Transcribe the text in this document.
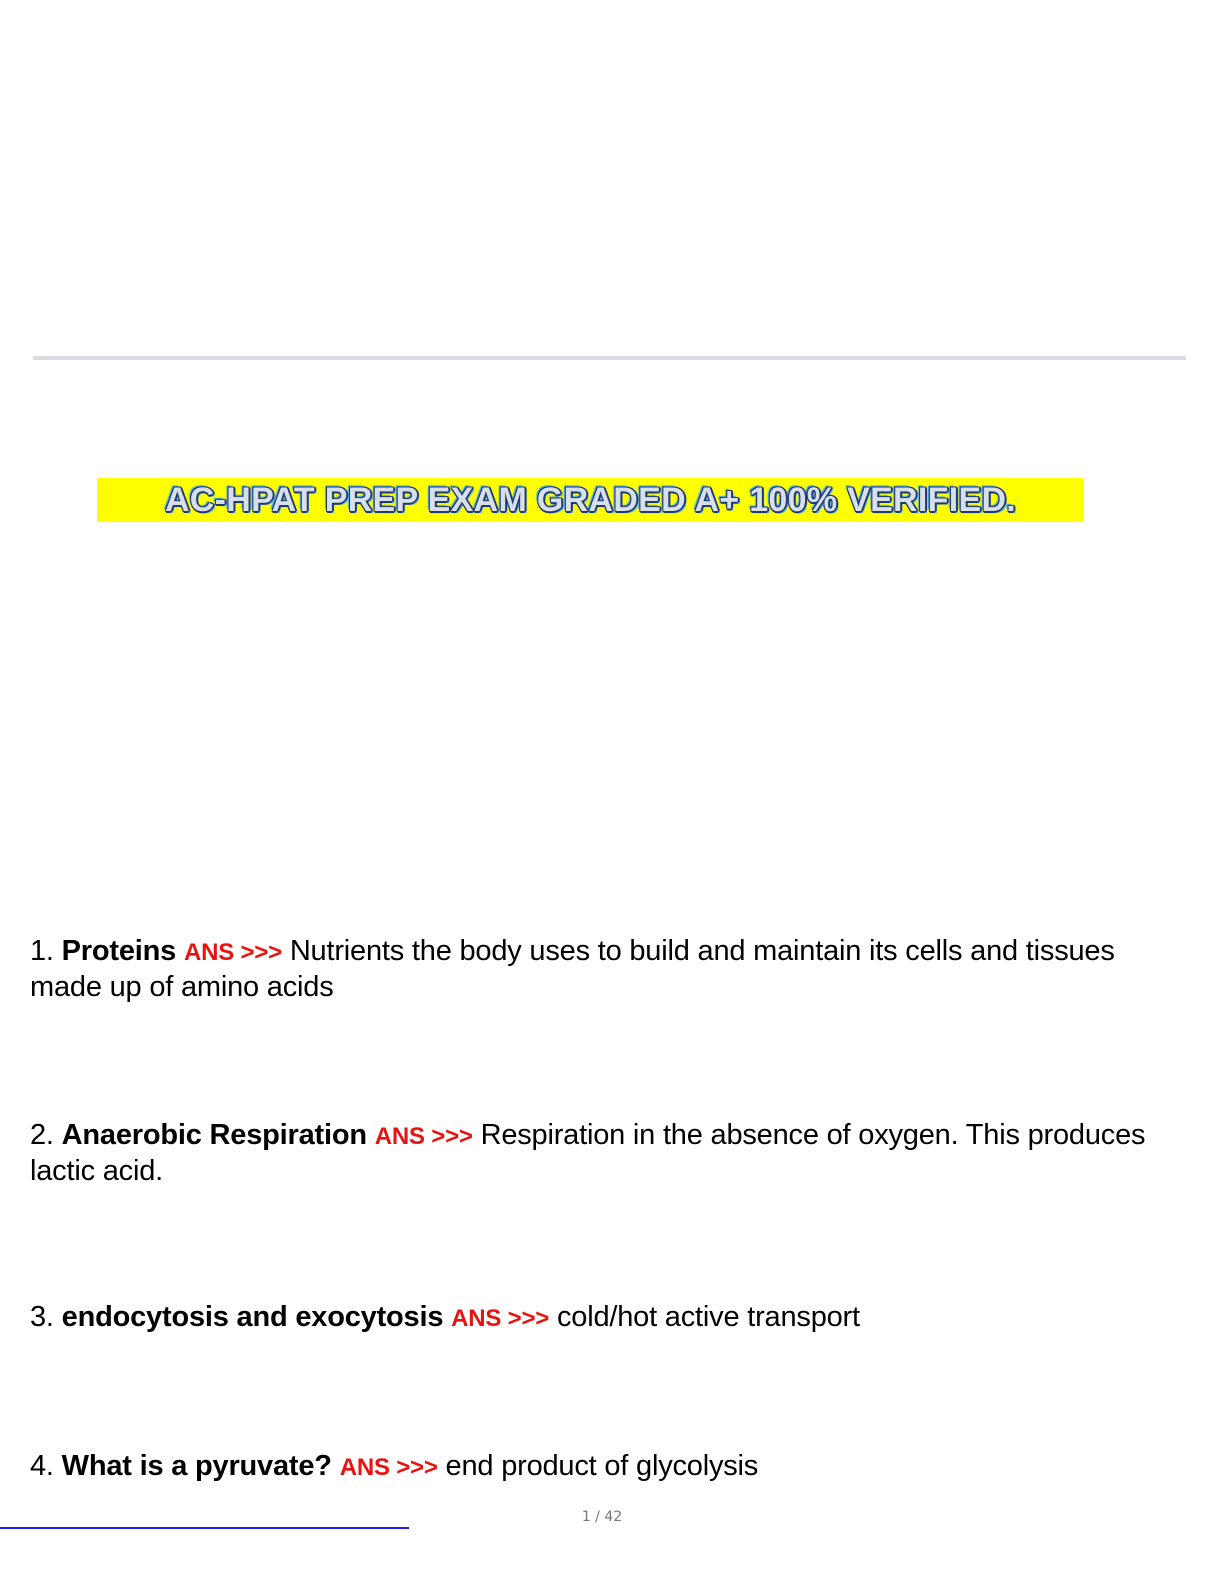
AC-HPAT PREP EXAM GRADED A+ 100% VERIFIED.
1. Proteins ANS >>> Nutrients the body uses to build and maintain its cells and tissues made up of amino acids
2. Anaerobic Respiration ANS >>> Respiration in the absence of oxygen. This produces lactic acid.
3. endocytosis and exocytosis ANS >>> cold/hot active transport
4. What is a pyruvate? ANS >>> end product of glycolysis
1 / 42
